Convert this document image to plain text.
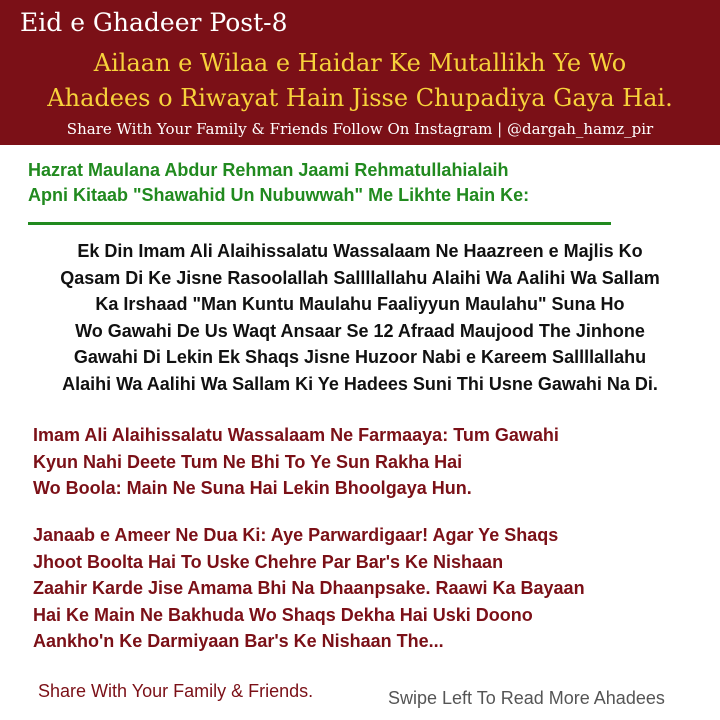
Eid e Ghadeer Post-8
Ailaan e Wilaa e Haidar Ke Mutallikh Ye Wo
Ahadees o Riwayat Hain Jisse Chupadiya Gaya Hai.
Share With Your Family & Friends Follow On Instagram | @dargah_hamz_pir
Hazrat Maulana Abdur Rehman Jaami Rehmatullahialaih
Apni Kitaab "Shawahid Un Nubuwwah" Me Likhte Hain Ke:
Ek Din Imam Ali Alaihissalatu Wassalaam Ne Haazreen e Majlis Ko
Qasam Di Ke Jisne Rasoolallah Sallllallahu Alaihi Wa Aalihi Wa Sallam
Ka Irshaad "Man Kuntu Maulahu Faaliyyun Maulahu" Suna Ho
Wo Gawahi De Us Waqt Ansaar Se 12 Afraad Maujood The Jinhone
Gawahi Di Lekin Ek Shaqs Jisne Huzoor Nabi e Kareem Sallllallahu
Alaihi Wa Aalihi Wa Sallam Ki Ye Hadees Suni Thi Usne Gawahi Na Di.
Imam Ali Alaihissalatu Wassalaam Ne Farmaaya: Tum Gawahi
Kyun Nahi Deete Tum Ne Bhi To Ye Sun Rakha Hai
Wo Boola: Main Ne Suna Hai Lekin Bhoolgaya Hun.
Janaab e Ameer Ne Dua Ki: Aye Parwardigaar! Agar Ye Shaqs
Jhoot Boolta Hai To Uske Chehre Par Bar's Ke Nishaan
Zaahir Karde Jise Amama Bhi Na Dhaanpsake. Raawi Ka Bayaan
Hai Ke Main Ne Bakhuda Wo Shaqs Dekha Hai Uski Doono
Aankho'n Ke Darmiyaan Bar's Ke Nishaan The...
Share With Your Family & Friends.	Swipe Left To Read More Ahadees
